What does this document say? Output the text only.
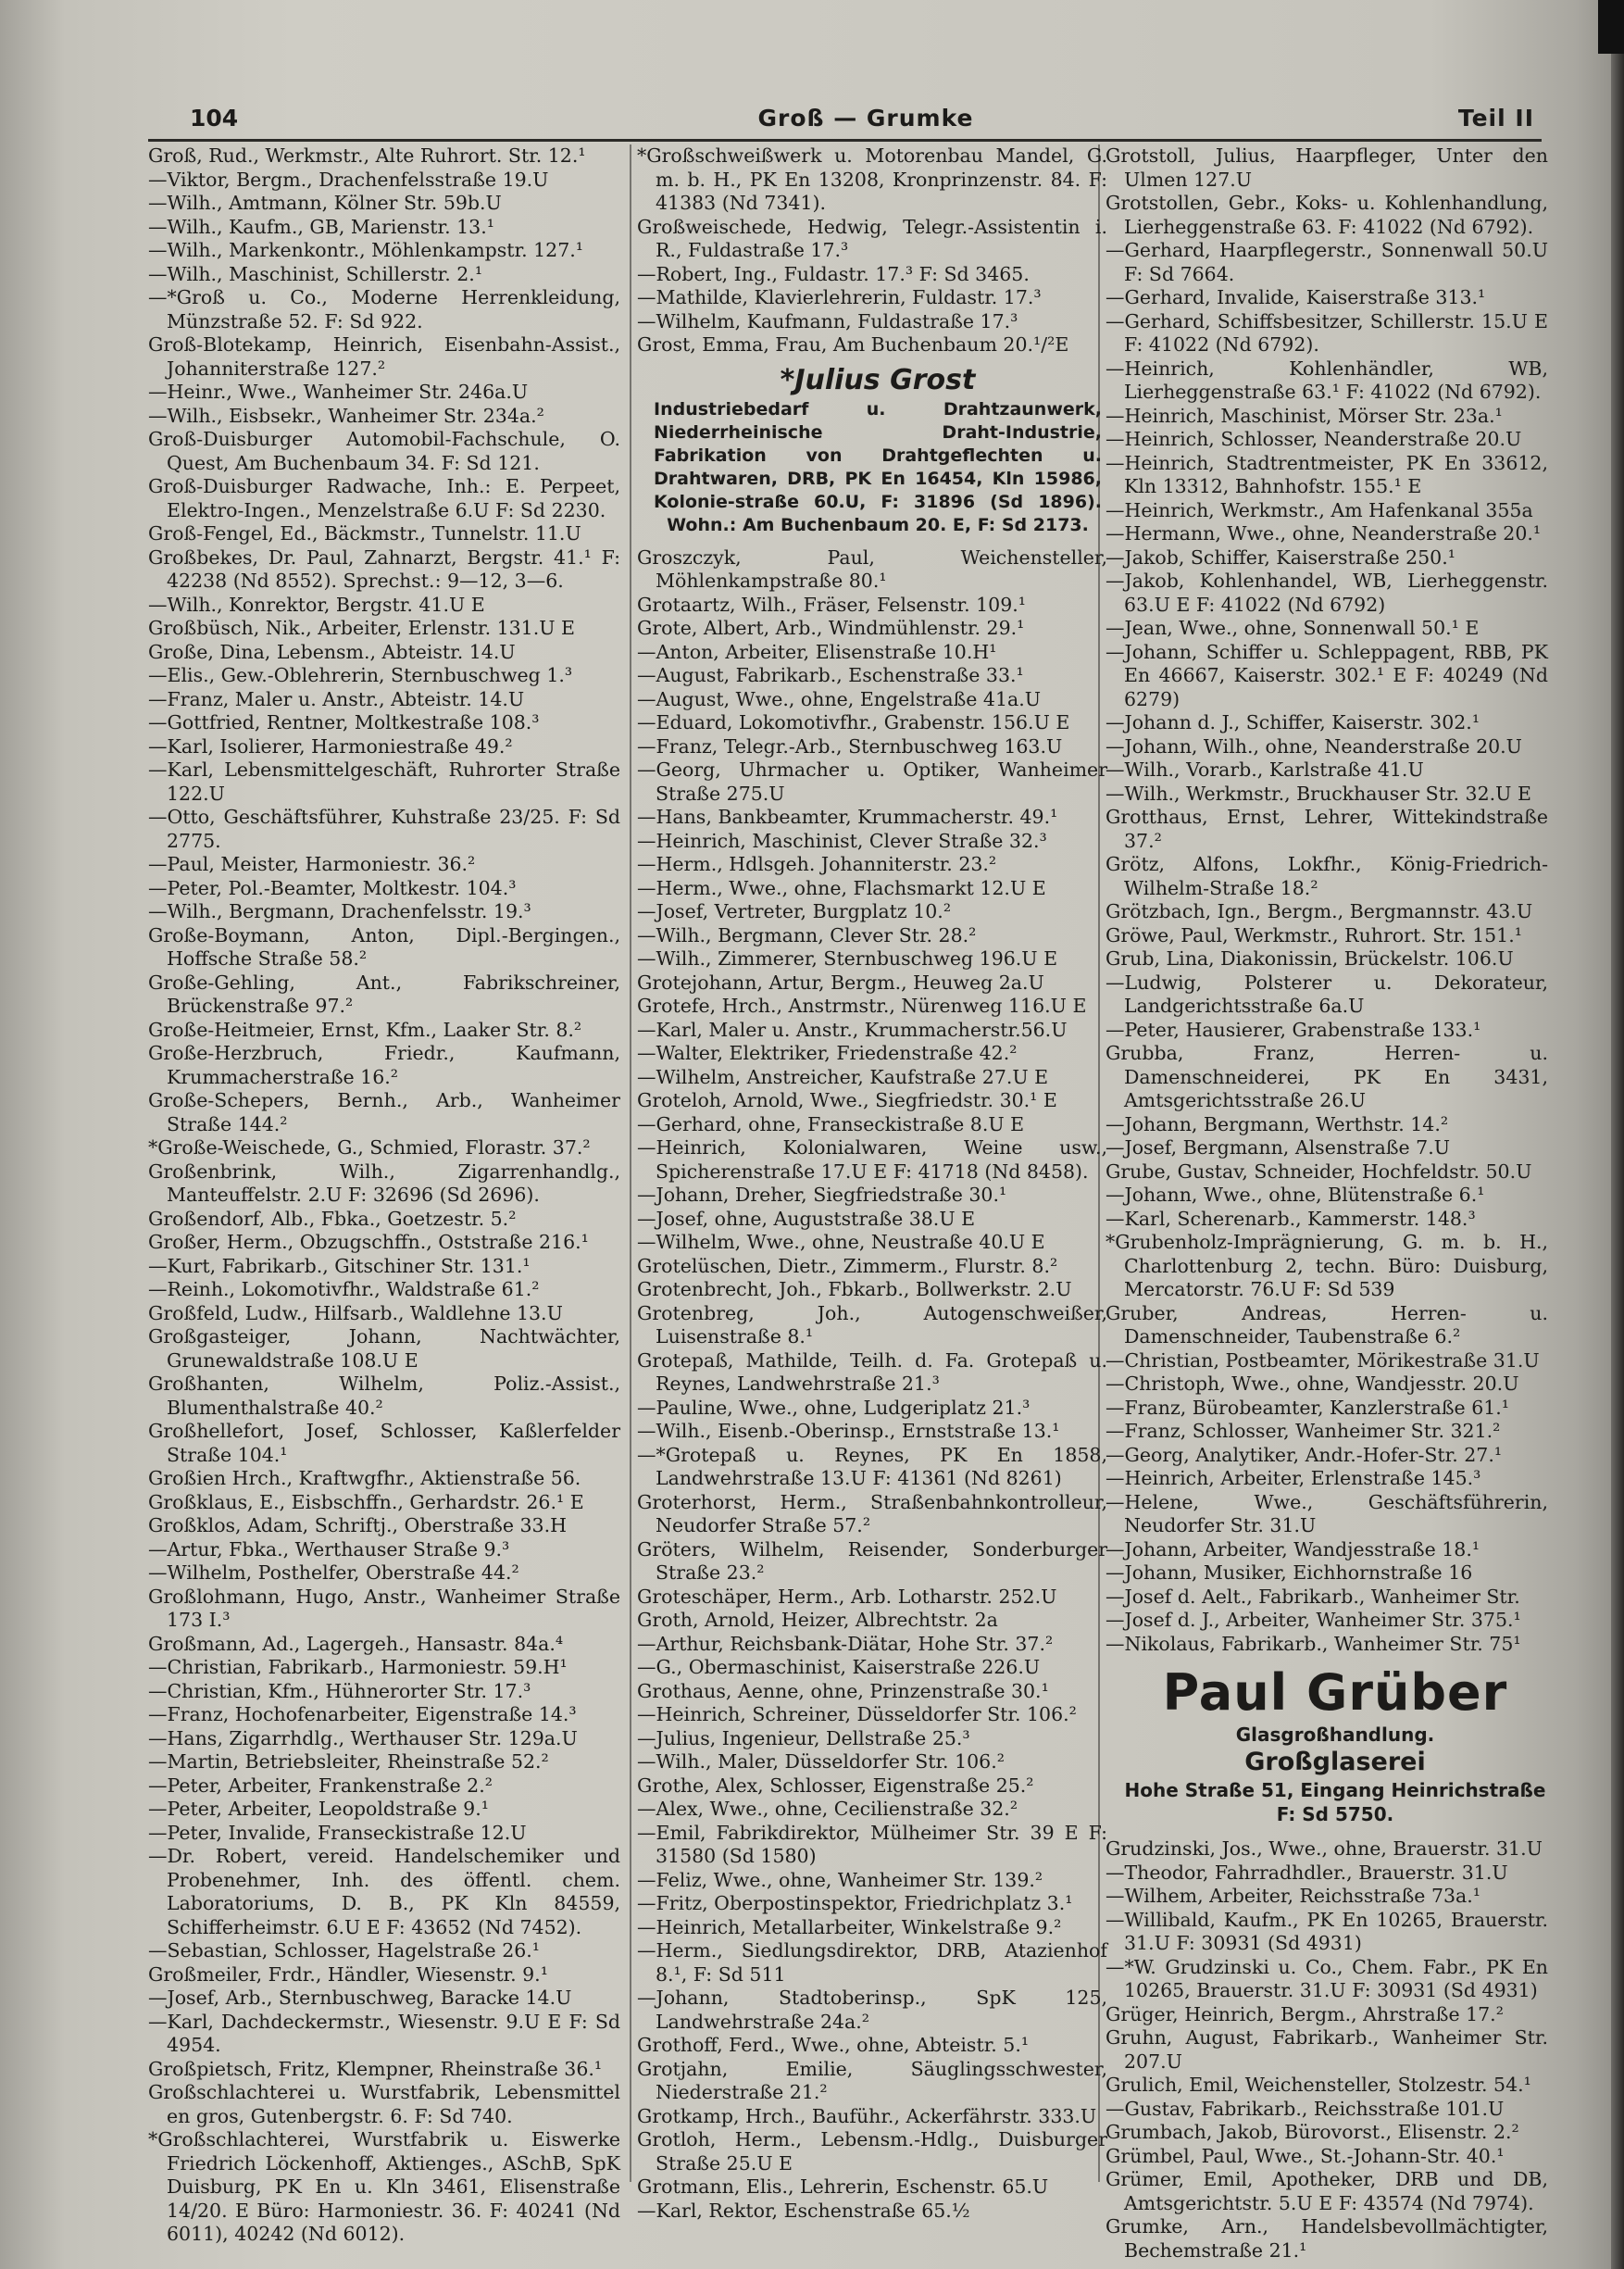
104	Groß — Grumke	Teil II

Groß, Rud., Werkmstr., Alte Ruhrort. Str. 12.¹

—Viktor, Bergm., Drachenfelsstraße 19.U

—Wilh., Amtmann, Kölner Str. 59b.U

—Wilh., Kaufm., GB, Marienstr. 13.¹

—Wilh., Markenkontr., Möhlenkampstr. 127.¹

—Wilh., Maschinist, Schillerstr. 2.¹

—*Groß u. Co., Moderne Herrenkleidung, Münzstraße 52. F: Sd 922.

Groß-Blotekamp, Heinrich, Eisenbahn-Assist., Johanniterstraße 127.²

—Heinr., Wwe., Wanheimer Str. 246a.U

—Wilh., Eisbsekr., Wanheimer Str. 234a.²

Groß-Duisburger Automobil-Fachschule, O. Quest, Am Buchenbaum 34. F: Sd 121.

Groß-Duisburger Radwache, Inh.: E. Perpeet, Elektro-Ingen., Menzelstraße 6.U F: Sd 2230.

Groß-Fengel, Ed., Bäckmstr., Tunnelstr. 11.U

Großbekes, Dr. Paul, Zahnarzt, Bergstr. 41.¹ F: 42238 (Nd 8552). Sprechst.: 9—12, 3—6.

—Wilh., Konrektor, Bergstr. 41.U E

Großbüsch, Nik., Arbeiter, Erlenstr. 131.U E

Große, Dina, Lebensm., Abteistr. 14.U

—Elis., Gew.-Oblehrerin, Sternbuschweg 1.³

—Franz, Maler u. Anstr., Abteistr. 14.U

—Gottfried, Rentner, Moltkestraße 108.³

—Karl, Isolierer, Harmoniestraße 49.²

—Karl, Lebensmittelgeschäft, Ruhrorter Straße 122.U

—Otto, Geschäftsführer, Kuhstraße 23/25. F: Sd 2775.

—Paul, Meister, Harmoniestr. 36.²

—Peter, Pol.-Beamter, Moltkestr. 104.³

—Wilh., Bergmann, Drachenfelsstr. 19.³

Große-Boymann, Anton, Dipl.-Bergingen., Hoffsche Straße 58.²

Große-Gehling, Ant., Fabrikschreiner, Brückenstraße 97.²

Große-Heitmeier, Ernst, Kfm., Laaker Str. 8.²

Große-Herzbruch, Friedr., Kaufmann, Krummacherstraße 16.²

Große-Schepers, Bernh., Arb., Wanheimer Straße 144.²

*Große-Weischede, G., Schmied, Florastr. 37.²

Großenbrink, Wilh., Zigarrenhandlg., Manteuffelstr. 2.U F: 32696 (Sd 2696).

Großendorf, Alb., Fbka., Goetzestr. 5.²

Großer, Herm., Obzugschffn., Oststraße 216.¹

—Kurt, Fabrikarb., Gitschiner Str. 131.¹

—Reinh., Lokomotivfhr., Waldstraße 61.²

Großfeld, Ludw., Hilfsarb., Waldlehne 13.U

Großgasteiger, Johann, Nachtwächter, Grunewaldstraße 108.U E

Großhanten, Wilhelm, Poliz.-Assist., Blumenthalstraße 40.²

Großhellefort, Josef, Schlosser, Kaßlerfelder Straße 104.¹

Großien Hrch., Kraftwgfhr., Aktienstraße 56.

Großklaus, E., Eisbschffn., Gerhardstr. 26.¹ E

Großklos, Adam, Schriftj., Oberstraße 33.H

—Artur, Fbka., Werthauser Straße 9.³

—Wilhelm, Posthelfer, Oberstraße 44.²

Großlohmann, Hugo, Anstr., Wanheimer Straße 173 I.³

Großmann, Ad., Lagergeh., Hansastr. 84a.⁴

—Christian, Fabrikarb., Harmoniestr. 59.H¹

—Christian, Kfm., Hühnerorter Str. 17.³

—Franz, Hochofenarbeiter, Eigenstraße 14.³

—Hans, Zigarrhdlg., Werthauser Str. 129a.U

—Martin, Betriebsleiter, Rheinstraße 52.²

—Peter, Arbeiter, Frankenstraße 2.²

—Peter, Arbeiter, Leopoldstraße 9.¹

—Peter, Invalide, Franseckistraße 12.U

—Dr. Robert, vereid. Handelschemiker und Probenehmer, Inh. des öffentl. chem. Laboratoriums, D. B., PK Kln 84559, Schifferheimstr. 6.U E F: 43652 (Nd 7452).

—Sebastian, Schlosser, Hagelstraße 26.¹

Großmeiler, Frdr., Händler, Wiesenstr. 9.¹

—Josef, Arb., Sternbuschweg, Baracke 14.U

—Karl, Dachdeckermstr., Wiesenstr. 9.U E F: Sd 4954.

Großpietsch, Fritz, Klempner, Rheinstraße 36.¹

Großschlachterei u. Wurstfabrik, Lebensmittel en gros, Gutenbergstr. 6. F: Sd 740.

*Großschlachterei, Wurstfabrik u. Eiswerke Friedrich Löckenhoff, Aktienges., ASchB, SpK Duisburg, PK En u. Kln 3461, Elisenstraße 14/20. E Büro: Harmoniestr. 36. F: 40241 (Nd 6011), 40242 (Nd 6012).

*Großschweißwerk u. Motorenbau Mandel, G. m. b. H., PK En 13208, Kronprinzenstr. 84. F: 41383 (Nd 7341).

Großweischede, Hedwig, Telegr.-Assistentin i. R., Fuldastraße 17.³

—Robert, Ing., Fuldastr. 17.³ F: Sd 3465.

—Mathilde, Klavierlehrerin, Fuldastr. 17.³

—Wilhelm, Kaufmann, Fuldastraße 17.³

Grost, Emma, Frau, Am Buchenbaum 20.¹/²E

*Julius Grost
Industriebedarf u. Drahtzaunwerk, Niederrheinische Draht-Industrie, Fabrikation von Drahtgeflechten u. Drahtwaren, DRB, PK En 16454, Kln 15986, Kolonie-straße 60.U, F: 31896 (Sd 1896). Wohn.: Am Buchenbaum 20. E, F: Sd 2173.

Groszczyk, Paul, Weichensteller, Möhlenkampstraße 80.¹

Grotaartz, Wilh., Fräser, Felsenstr. 109.¹

Grote, Albert, Arb., Windmühlenstr. 29.¹

—Anton, Arbeiter, Elisenstraße 10.H¹

—August, Fabrikarb., Eschenstraße 33.¹

—August, Wwe., ohne, Engelstraße 41a.U

—Eduard, Lokomotivfhr., Grabenstr. 156.U E

—Franz, Telegr.-Arb., Sternbuschweg 163.U

—Georg, Uhrmacher u. Optiker, Wanheimer Straße 275.U

—Hans, Bankbeamter, Krummacherstr. 49.¹

—Heinrich, Maschinist, Clever Straße 32.³

—Herm., Hdlsgeh. Johanniterstr. 23.²

—Herm., Wwe., ohne, Flachsmarkt 12.U E

—Josef, Vertreter, Burgplatz 10.²

—Wilh., Bergmann, Clever Str. 28.²

—Wilh., Zimmerer, Sternbuschweg 196.U E

Grotejohann, Artur, Bergm., Heuweg 2a.U

Grotefe, Hrch., Anstrmstr., Nürenweg 116.U E

—Karl, Maler u. Anstr., Krummacherstr.56.U

—Walter, Elektriker, Friedenstraße 42.²

—Wilhelm, Anstreicher, Kaufstraße 27.U E

Groteloh, Arnold, Wwe., Siegfriedstr. 30.¹ E

—Gerhard, ohne, Franseckistraße 8.U E

—Heinrich, Kolonialwaren, Weine usw., Spicherenstraße 17.U E F: 41718 (Nd 8458).

—Johann, Dreher, Siegfriedstraße 30.¹

—Josef, ohne, Auguststraße 38.U E

—Wilhelm, Wwe., ohne, Neustraße 40.U E

Grotelüschen, Dietr., Zimmerm., Flurstr. 8.²

Grotenbrecht, Joh., Fbkarb., Bollwerkstr. 2.U

Grotenbreg, Joh., Autogenschweißer, Luisenstraße 8.¹

Grotepaß, Mathilde, Teilh. d. Fa. Grotepaß u. Reynes, Landwehrstraße 21.³

—Pauline, Wwe., ohne, Ludgeriplatz 21.³

—Wilh., Eisenb.-Oberinsp., Ernststraße 13.¹

—*Grotepaß u. Reynes, PK En 1858, Landwehrstraße 13.U F: 41361 (Nd 8261)

Groterhorst, Herm., Straßenbahnkontrolleur, Neudorfer Straße 57.²

Gröters, Wilhelm, Reisender, Sonderburger Straße 23.²

Groteschäper, Herm., Arb. Lotharstr. 252.U

Groth, Arnold, Heizer, Albrechtstr. 2a

—Arthur, Reichsbank-Diätar, Hohe Str. 37.²

—G., Obermaschinist, Kaiserstraße 226.U

Grothaus, Aenne, ohne, Prinzenstraße 30.¹

—Heinrich, Schreiner, Düsseldorfer Str. 106.²

—Julius, Ingenieur, Dellstraße 25.³

—Wilh., Maler, Düsseldorfer Str. 106.²

Grothe, Alex, Schlosser, Eigenstraße 25.²

—Alex, Wwe., ohne, Cecilienstraße 32.²

—Emil, Fabrikdirektor, Mülheimer Str. 39 E F: 31580 (Sd 1580)

—Feliz, Wwe., ohne, Wanheimer Str. 139.²

—Fritz, Oberpostinspektor, Friedrichplatz 3.¹

—Heinrich, Metallarbeiter, Winkelstraße 9.²

—Herm., Siedlungsdirektor, DRB, Atazienhof 8.¹, F: Sd 511

—Johann, Stadtoberinsp., SpK 125, Landwehrstraße 24a.²

Grothoff, Ferd., Wwe., ohne, Abteistr. 5.¹

Grotjahn, Emilie, Säuglingsschwester, Niederstraße 21.²

Grotkamp, Hrch., Bauführ., Ackerfährstr. 333.U

Grotloh, Herm., Lebensm.-Hdlg., Duisburger Straße 25.U E

Grotmann, Elis., Lehrerin, Eschenstr. 65.U

—Karl, Rektor, Eschenstraße 65.½

Grotstoll, Julius, Haarpfleger, Unter den Ulmen 127.U

Grotstollen, Gebr., Koks- u. Kohlenhandlung, Lierheggenstraße 63. F: 41022 (Nd 6792).

—Gerhard, Haarpflegerstr., Sonnenwall 50.U F: Sd 7664.

—Gerhard, Invalide, Kaiserstraße 313.¹

—Gerhard, Schiffsbesitzer, Schillerstr. 15.U E F: 41022 (Nd 6792).

—Heinrich, Kohlenhändler, WB, Lierheggenstraße 63.¹ F: 41022 (Nd 6792).

—Heinrich, Maschinist, Mörser Str. 23a.¹

—Heinrich, Schlosser, Neanderstraße 20.U

—Heinrich, Stadtrentmeister, PK En 33612, Kln 13312, Bahnhofstr. 155.¹ E

—Heinrich, Werkmstr., Am Hafenkanal 355a

—Hermann, Wwe., ohne, Neanderstraße 20.¹

—Jakob, Schiffer, Kaiserstraße 250.¹

—Jakob, Kohlenhandel, WB, Lierheggenstr. 63.U E F: 41022 (Nd 6792)

—Jean, Wwe., ohne, Sonnenwall 50.¹ E

—Johann, Schiffer u. Schleppagent, RBB, PK En 46667, Kaiserstr. 302.¹ E F: 40249 (Nd 6279)

—Johann d. J., Schiffer, Kaiserstr. 302.¹

—Johann, Wilh., ohne, Neanderstraße 20.U

—Wilh., Vorarb., Karlstraße 41.U

—Wilh., Werkmstr., Bruckhauser Str. 32.U E

Grotthaus, Ernst, Lehrer, Wittekindstraße 37.²

Grötz, Alfons, Lokfhr., König-Friedrich-Wilhelm-Straße 18.²

Grötzbach, Ign., Bergm., Bergmannstr. 43.U

Gröwe, Paul, Werkmstr., Ruhrort. Str. 151.¹

Grub, Lina, Diakonissin, Brückelstr. 106.U

—Ludwig, Polsterer u. Dekorateur, Landgerichtsstraße 6a.U

—Peter, Hausierer, Grabenstraße 133.¹

Grubba, Franz, Herren- u. Damenschneiderei, PK En 3431, Amtsgerichtsstraße 26.U

—Johann, Bergmann, Werthstr. 14.²

—Josef, Bergmann, Alsenstraße 7.U

Grube, Gustav, Schneider, Hochfeldstr. 50.U

—Johann, Wwe., ohne, Blütenstraße 6.¹

—Karl, Scherenarb., Kammerstr. 148.³

*Grubenholz-Imprägnierung, G. m. b. H., Charlottenburg 2, techn. Büro: Duisburg, Mercatorstr. 76.U F: Sd 539

Gruber, Andreas, Herren- u. Damenschneider, Taubenstraße 6.²

—Christian, Postbeamter, Mörikestraße 31.U

—Christoph, Wwe., ohne, Wandjesstr. 20.U

—Franz, Bürobeamter, Kanzlerstraße 61.¹

—Franz, Schlosser, Wanheimer Str. 321.²

—Georg, Analytiker, Andr.-Hofer-Str. 27.¹

—Heinrich, Arbeiter, Erlenstraße 145.³

—Helene, Wwe., Geschäftsführerin, Neudorfer Str. 31.U

—Johann, Arbeiter, Wandjesstraße 18.¹

—Johann, Musiker, Eichhornstraße 16

—Josef d. Aelt., Fabrikarb., Wanheimer Str.

—Josef d. J., Arbeiter, Wanheimer Str. 375.¹

—Nikolaus, Fabrikarb., Wanheimer Str. 75¹

Paul Grüber
Glasgroßhandlung.
Großglaserei
Hohe Straße 51, Eingang Heinrichstraße
F: Sd 5750.

Grudzinski, Jos., Wwe., ohne, Brauerstr. 31.U

—Theodor, Fahrradhdler., Brauerstr. 31.U

—Wilhem, Arbeiter, Reichsstraße 73a.¹

—Willibald, Kaufm., PK En 10265, Brauerstr. 31.U F: 30931 (Sd 4931)

—*W. Grudzinski u. Co., Chem. Fabr., PK En 10265, Brauerstr. 31.U F: 30931 (Sd 4931)

Grüger, Heinrich, Bergm., Ahrstraße 17.²

Gruhn, August, Fabrikarb., Wanheimer Str. 207.U

Grulich, Emil, Weichensteller, Stolzestr. 54.¹

—Gustav, Fabrikarb., Reichsstraße 101.U

Grumbach, Jakob, Bürovorst., Elisenstr. 2.²

Grümbel, Paul, Wwe., St.-Johann-Str. 40.¹

Grümer, Emil, Apotheker, DRB und DB, Amtsgerichtstr. 5.U E F: 43574 (Nd 7974).

Grumke, Arn., Handelsbevollmächtigter, Bechemstraße 21.¹
